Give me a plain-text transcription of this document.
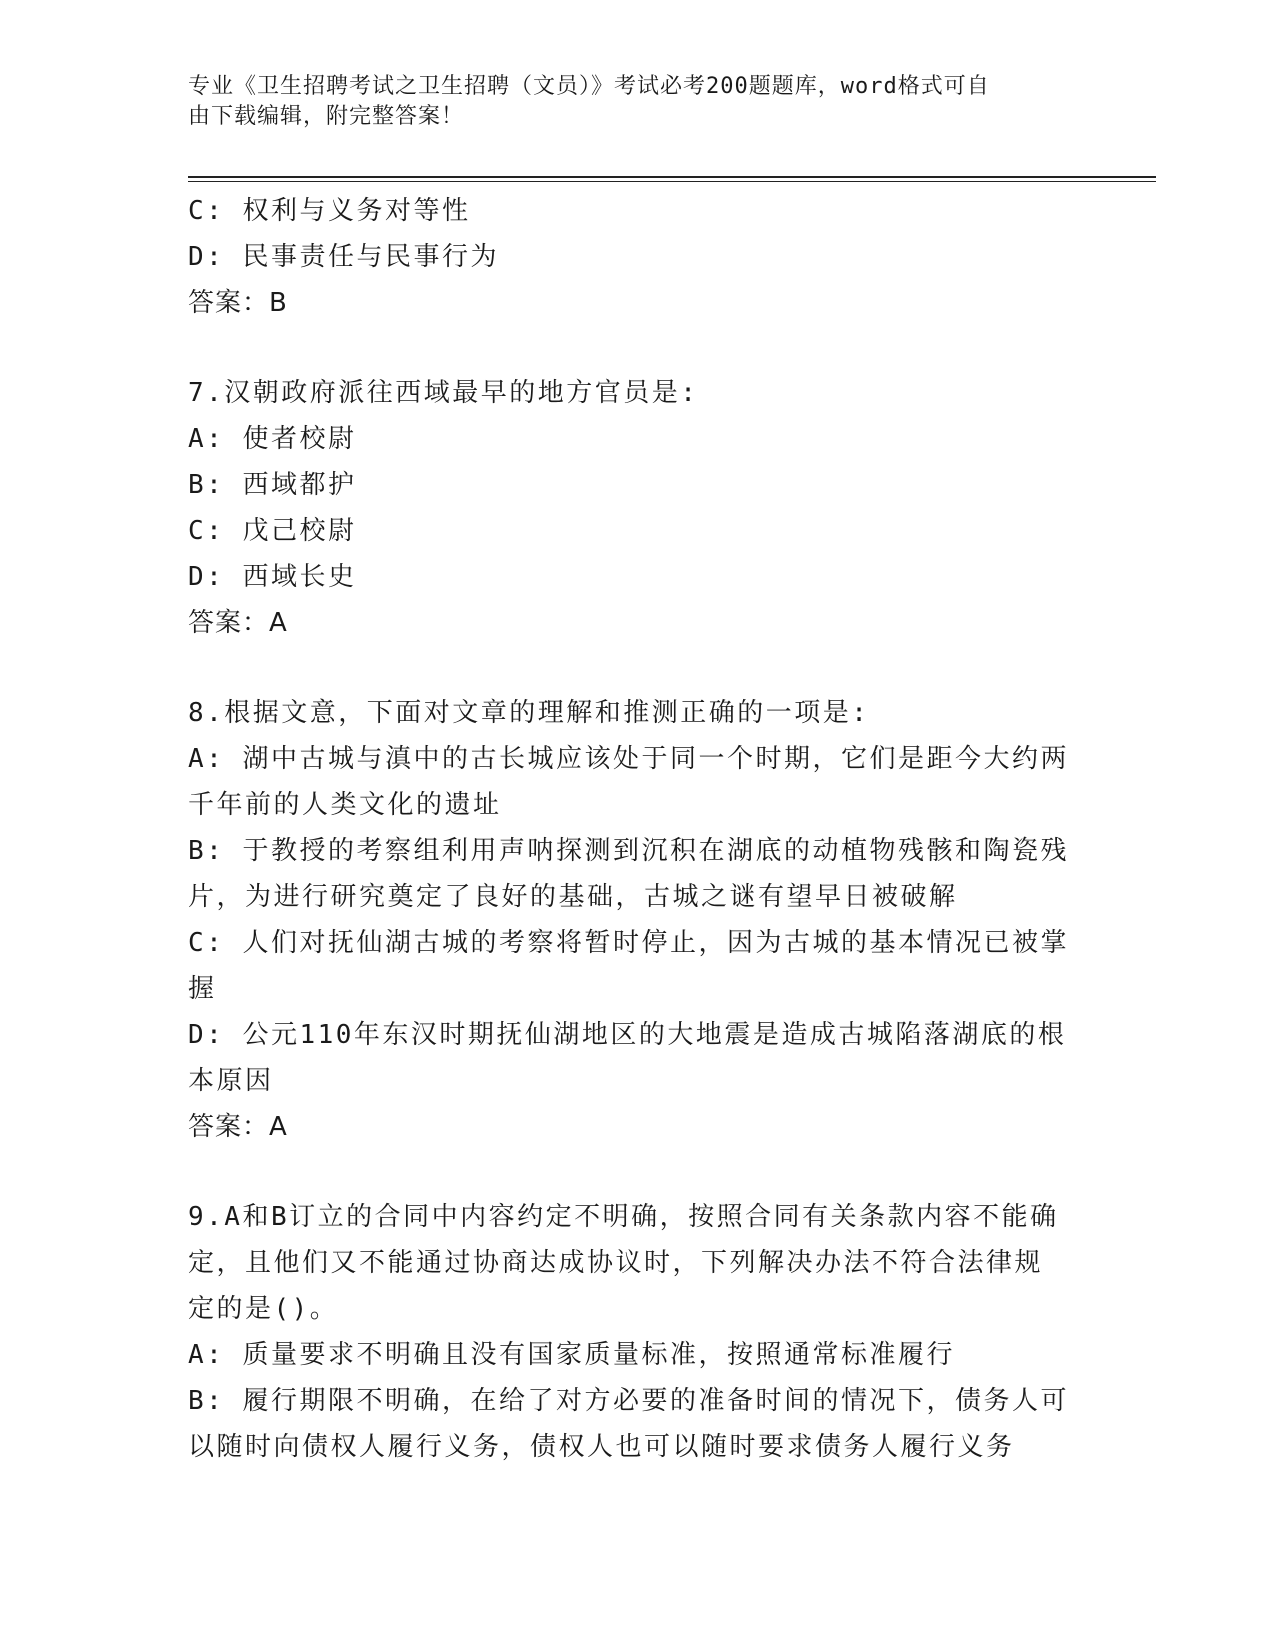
专业《卫生招聘考试之卫生招聘（文员）》考试必考200题题库，word格式可自
由下载编辑，附完整答案！
C: 权利与义务对等性
D: 民事责任与民事行为
答案：B
7.汉朝政府派往西域最早的地方官员是:
A: 使者校尉
B: 西域都护
C: 戊己校尉
D: 西域长史
答案：A
8.根据文意，下面对文章的理解和推测正确的一项是:
A: 湖中古城与滇中的古长城应该处于同一个时期，它们是距今大约两
千年前的人类文化的遗址
B: 于教授的考察组利用声呐探测到沉积在湖底的动植物残骸和陶瓷残
片，为进行研究奠定了良好的基础，古城之谜有望早日被破解
C: 人们对抚仙湖古城的考察将暂时停止，因为古城的基本情况已被掌
握
D: 公元110年东汉时期抚仙湖地区的大地震是造成古城陷落湖底的根
本原因
答案：A
9.A和B订立的合同中内容约定不明确，按照合同有关条款内容不能确
定，且他们又不能通过协商达成协议时，下列解决办法不符合法律规
定的是()。
A: 质量要求不明确且没有国家质量标准，按照通常标准履行
B: 履行期限不明确，在给了对方必要的准备时间的情况下，债务人可
以随时向债权人履行义务，债权人也可以随时要求债务人履行义务
